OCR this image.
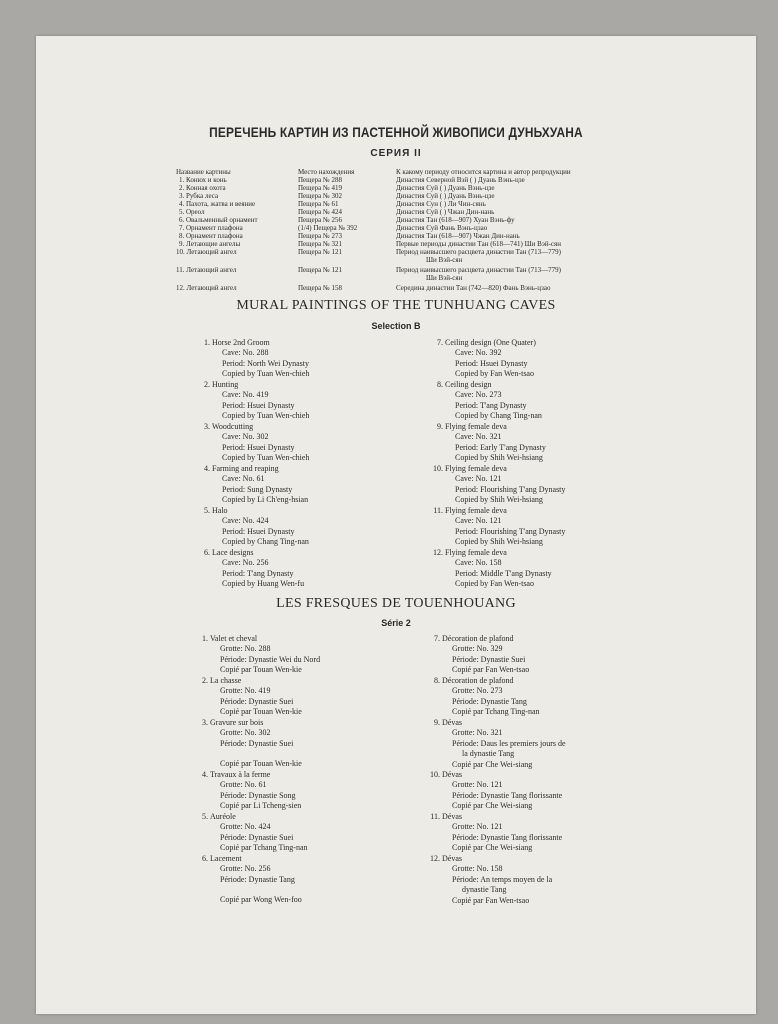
ПЕРЕЧЕНЬ КАРТИН ИЗ ПАСТЕННОЙ ЖИВОПИСИ ДУНЬХУАНА
СЕРИЯ II
Название картины	Место нахождения	К какому периоду относится картина и автор репродукции
1. Конюх и конь	Пещера № 288	Династия Северной Вэй ( ) Дуань Вэнь-цзе
2. Конная охота	Пещера № 419	Династия Суй ( ) Дуань Вэнь-цзе
3. Рубка леса	Пещера № 302	Династия Суй ( ) Дуань Вэнь-цзе
4. Пахота, жатва и веяние	Пещера № 61	Династия Сун ( ) Ли Чин-сянь
5. Ореол	Пещера № 424	Династия Суй ( ) Чжан Дин-нань
6. Овальменный орнамент	Пещера № 256	Династия Тан (618—907) Хуан Вэнь-фу
7. Орнамент плафона	(1/4) Пещера № 392	Династия Суй Фань Вэнь-цзао
8. Орнамент плафона	Пещера № 273	Династия Тан (618—907) Чжан Дин-нань
9. Летающие ангелы	Пещера № 321	Первые периоды династии Тан (618—741) Ши Вэй-сян
10. Летающий ангел	Пещера № 121	Период наивысшего расцвета династии Тан (713—779)
Ши Вэй-сян
11. Летающий ангел	Пещера № 121	Период наивысшего расцвета династии Тан (713—779)
Ши Вэй-сян
12. Летающий ангел	Пещера № 158	Середина династии Тан (742—820) Фань Вэнь-цзао
MURAL PAINTINGS OF THE TUNHUANG CAVES
Selection B
1. Horse 2nd Groom
Cave: No. 288
Period: North Wei Dynasty
Copied by Tuan Wen-chieh
2. Hunting
Cave: No. 419
Period: Hsuei Dynasty
Copied by Tuan Wen-chieh
3. Woodcutting
Cave: No. 302
Period: Hsuei Dynasty
Copied by Tuan Wen-chieh
4. Farming and reaping
Cave: No. 61
Period: Sung Dynasty
Copied by Li Ch'eng-hsian
5. Halo
Cave: No. 424
Period: Hsuei Dynasty
Copied by Chang Ting-nan
6. Lace designs
Cave: No. 256
Period: T'ang Dynasty
Copied by Huang Wen-fu
7. Ceiling design (One Quater)
Cave: No. 392
Period: Hsuei Dynasty
Copied by Fan Wen-tsao
8. Ceiling design
Cave: No. 273
Period: T'ang Dynasty
Copied by Chang Ting-nan
9. Flying female deva
Cave: No. 321
Period: Early T'ang Dynasty
Copied by Shih Wei-hsiang
10. Flying female deva
Cave: No. 121
Period: Flourishing T'ang Dynasty
Copied by Shih Wei-hsiang
11. Flying female deva
Cave: No. 121
Period: Flourishing T'ang Dynasty
Copied by Shih Wei-hsiang
12. Flying female deva
Cave: No. 158
Period: Middle T'ang Dynasty
Copied by Fan Wen-tsao
LES FRESQUES DE TOUENHOUANG
Série 2
1. Valet et cheval
Grotte: No. 288
Période: Dynastie Wei du Nord
Copié par Touan Wen-kie
2. La chasse
Grotte: No. 419
Période: Dynastie Suei
Copié par Touan Wen-kie
3. Gravure sur bois
Grotte: No. 302
Période: Dynastie Suei
Copié par Touan Wen-kie
4. Travaux à la ferme
Grotte: No. 61
Période: Dynastie Song
Copié par Li Tcheng-sien
5. Auréole
Grotte: No. 424
Période: Dynastie Suei
Copié par Tchang Ting-nan
6. Lacement
Grotte: No. 256
Période: Dynastie Tang
Copié par Wong Wen-foo
7. Décoration de plafond
Grotte: No. 329
Période: Dynastie Suei
Copié par Fan Wen-tsao
8. Décoration de plafond
Grotte: No. 273
Période: Dynastie Tang
Copié par Tchang Ting-nan
9. Dévas
Grotte: No. 321
Période: Daus les premiers jours de
la dynastie Tang
Copié par Che Wei-siang
10. Dévas
Grotte: No. 121
Période: Dynastie Tang florissante
Copié par Che Wei-siang
11. Dévas
Grotte: No. 121
Période: Dynastie Tang florissante
Copié par Che Wei-siang
12. Dévas
Grotte: No. 158
Période: An temps moyen de la
dynastie Tang
Copié par Fan Wen-tsao
